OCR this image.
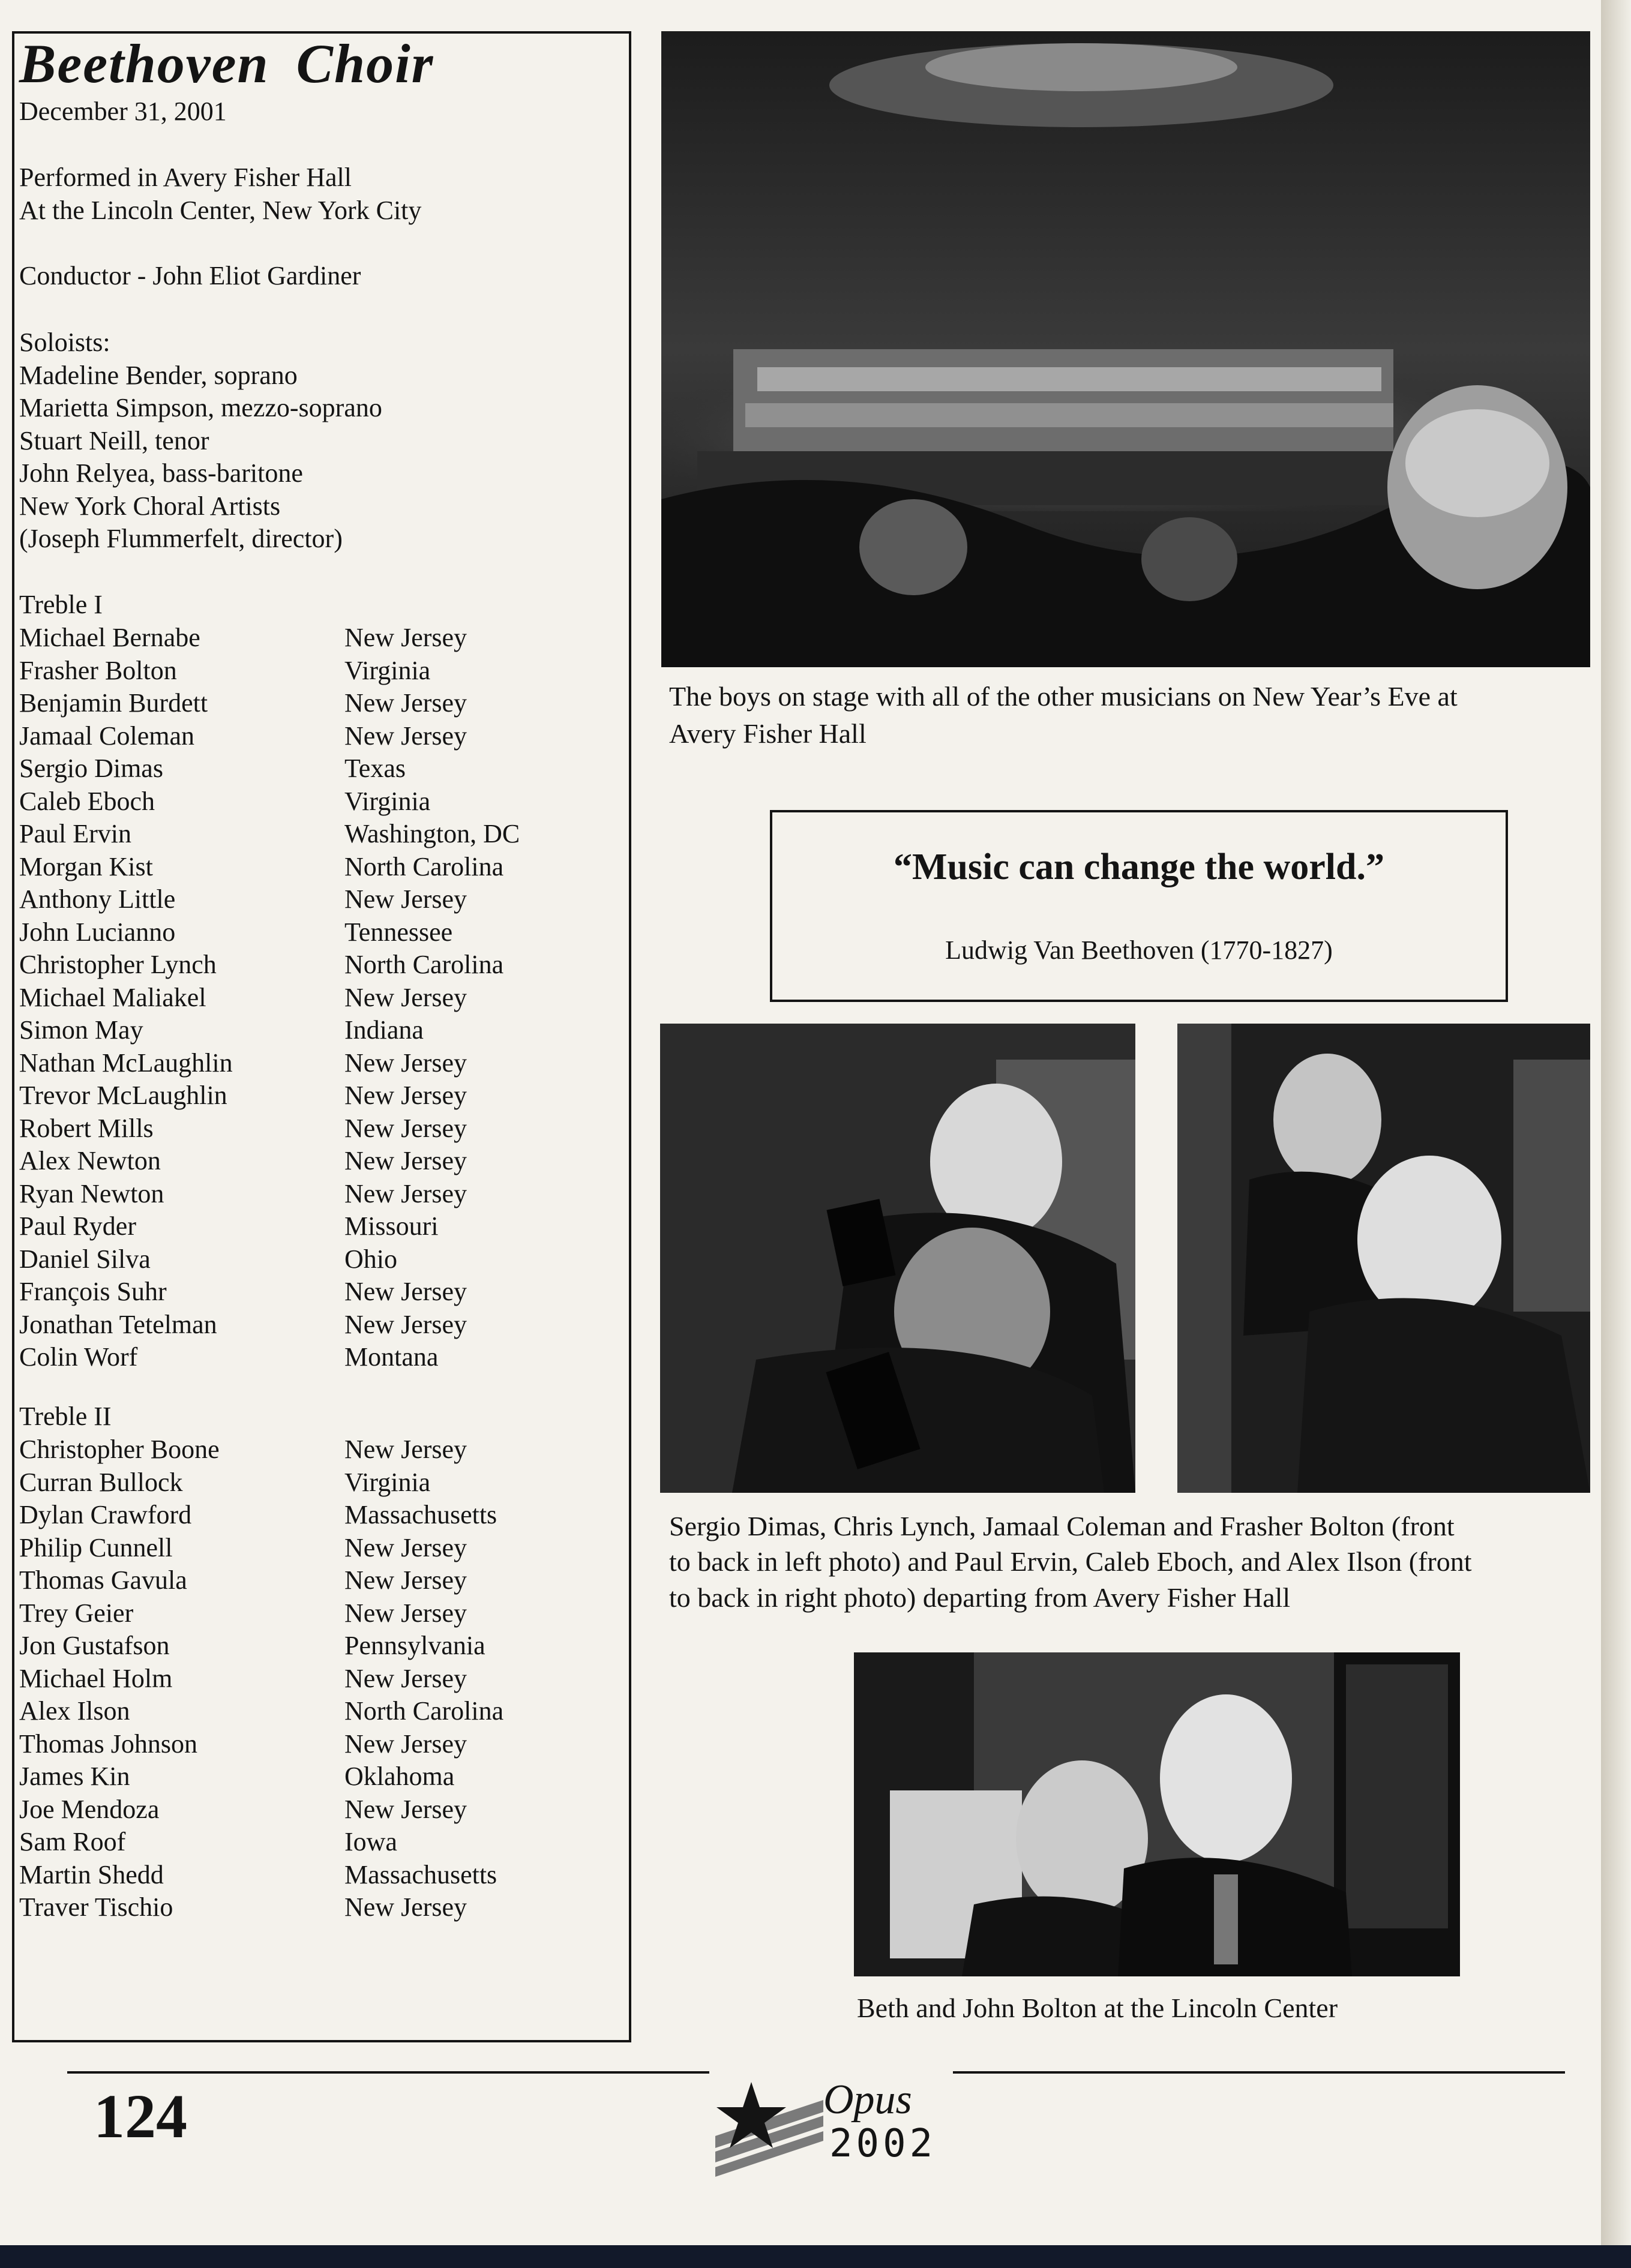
Beethoven Choir
December 31, 2001
Performed in Avery Fisher Hall
At the Lincoln Center, New York City
Conductor - John Eliot Gardiner
Soloists:
Madeline Bender, soprano
Marietta Simpson, mezzo-soprano
Stuart Neill, tenor
John Relyea, bass-baritone
New York Choral Artists
(Joseph Flummerfelt, director)
Treble I
Michael Bernabe	New Jersey
Frasher Bolton	Virginia
Benjamin Burdett	New Jersey
Jamaal Coleman	New Jersey
Sergio Dimas	Texas
Caleb Eboch	Virginia
Paul Ervin	Washington, DC
Morgan Kist	North Carolina
Anthony Little	New Jersey
John Lucianno	Tennessee
Christopher Lynch	North Carolina
Michael Maliakel	New Jersey
Simon May	Indiana
Nathan McLaughlin	New Jersey
Trevor McLaughlin	New Jersey
Robert Mills	New Jersey
Alex Newton	New Jersey
Ryan Newton	New Jersey
Paul Ryder	Missouri
Daniel Silva	Ohio
François Suhr	New Jersey
Jonathan Tetelman	New Jersey
Colin Worf	Montana
Treble II
Christopher Boone	New Jersey
Curran Bullock	Virginia
Dylan Crawford	Massachusetts
Philip Cunnell	New Jersey
Thomas Gavula	New Jersey
Trey Geier	New Jersey
Jon Gustafson	Pennsylvania
Michael Holm	New Jersey
Alex Ilson	North Carolina
Thomas Johnson	New Jersey
James Kin	Oklahoma
Joe Mendoza	New Jersey
Sam Roof	Iowa
Martin Shedd	Massachusetts
Traver Tischio	New Jersey
The boys on stage with all of the other musicians on New Year’s Eve at
Avery Fisher Hall
“Music can change the world.”
Ludwig Van Beethoven (1770-1827)
Sergio Dimas, Chris Lynch, Jamaal Coleman and Frasher Bolton (front
to back in left photo) and Paul Ervin, Caleb Eboch, and Alex Ilson (front
to back in right photo) departing from Avery Fisher Hall
Beth and John Bolton at the Lincoln Center
124	Opus
2002
